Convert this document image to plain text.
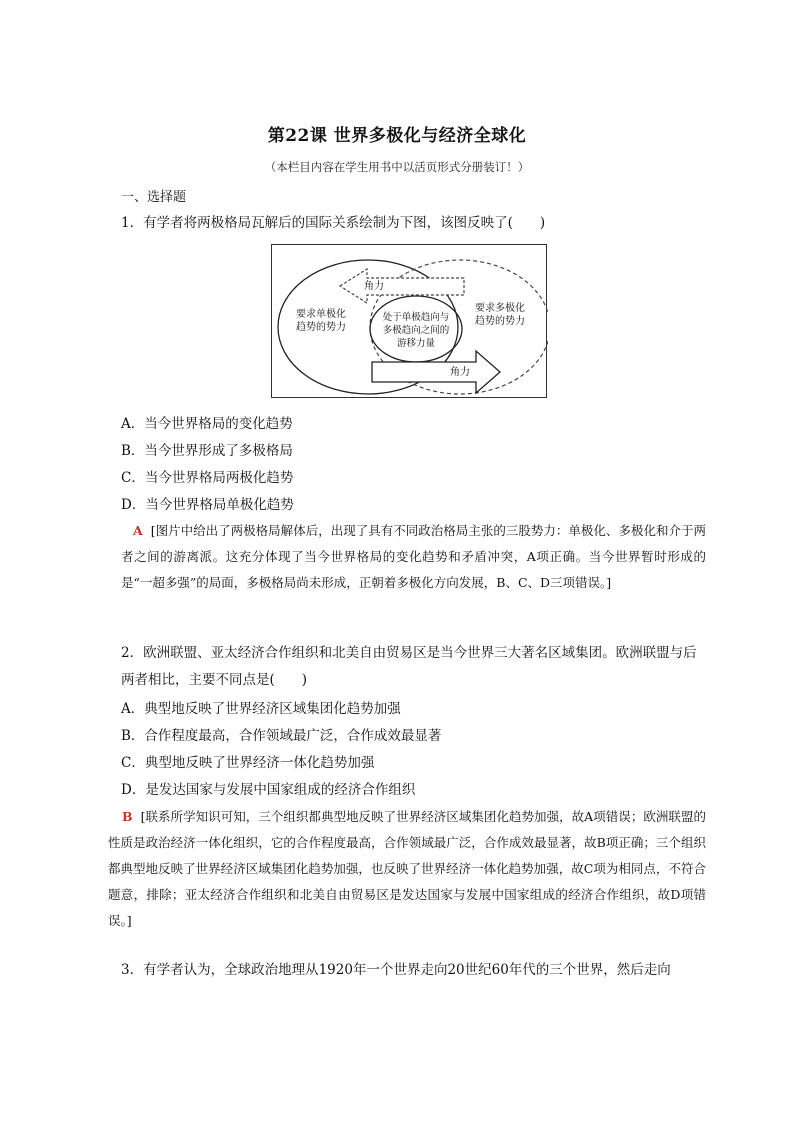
第22课 世界多极化与经济全球化
（本栏目内容在学生用书中以活页形式分册装订！）
一、选择题
1．有学者将两极格局瓦解后的国际关系绘制为下图，该图反映了(　　)
角力
角力
要求单极化
趋势的势力
要求多极化
趋势的势力
处于单极趋向与
多极趋向之间的
游移力量
A．当今世界格局的变化趋势
B．当今世界形成了多极格局
C．当今世界格局两极化趋势
D．当今世界格局单极化趋势
A [图片中给出了两极格局解体后，出现了具有不同政治格局主张的三股势力：单极化、多极化和介于两者之间的游离派。这充分体现了当今世界格局的变化趋势和矛盾冲突，A项正确。当今世界暂时形成的是“一超多强”的局面，多极格局尚未形成，正朝着多极化方向发展，B、C、D三项错误。]
2．欧洲联盟、亚太经济合作组织和北美自由贸易区是当今世界三大著名区域集团。欧洲联盟与后两者相比，主要不同点是(　　)
A．典型地反映了世界经济区域集团化趋势加强
B．合作程度最高，合作领域最广泛，合作成效最显著
C．典型地反映了世界经济一体化趋势加强
D．是发达国家与发展中国家组成的经济合作组织
B [联系所学知识可知，三个组织都典型地反映了世界经济区域集团化趋势加强，故A项错误；欧洲联盟的性质是政治经济一体化组织，它的合作程度最高，合作领域最广泛，合作成效最显著，故B项正确；三个组织都典型地反映了世界经济区域集团化趋势加强，也反映了世界经济一体化趋势加强，故C项为相同点，不符合题意，排除；亚太经济合作组织和北美自由贸易区是发达国家与发展中国家组成的经济合作组织，故D项错误。]
3．有学者认为，全球政治地理从1920年一个世界走向20世纪60年代的三个世界，然后走向
